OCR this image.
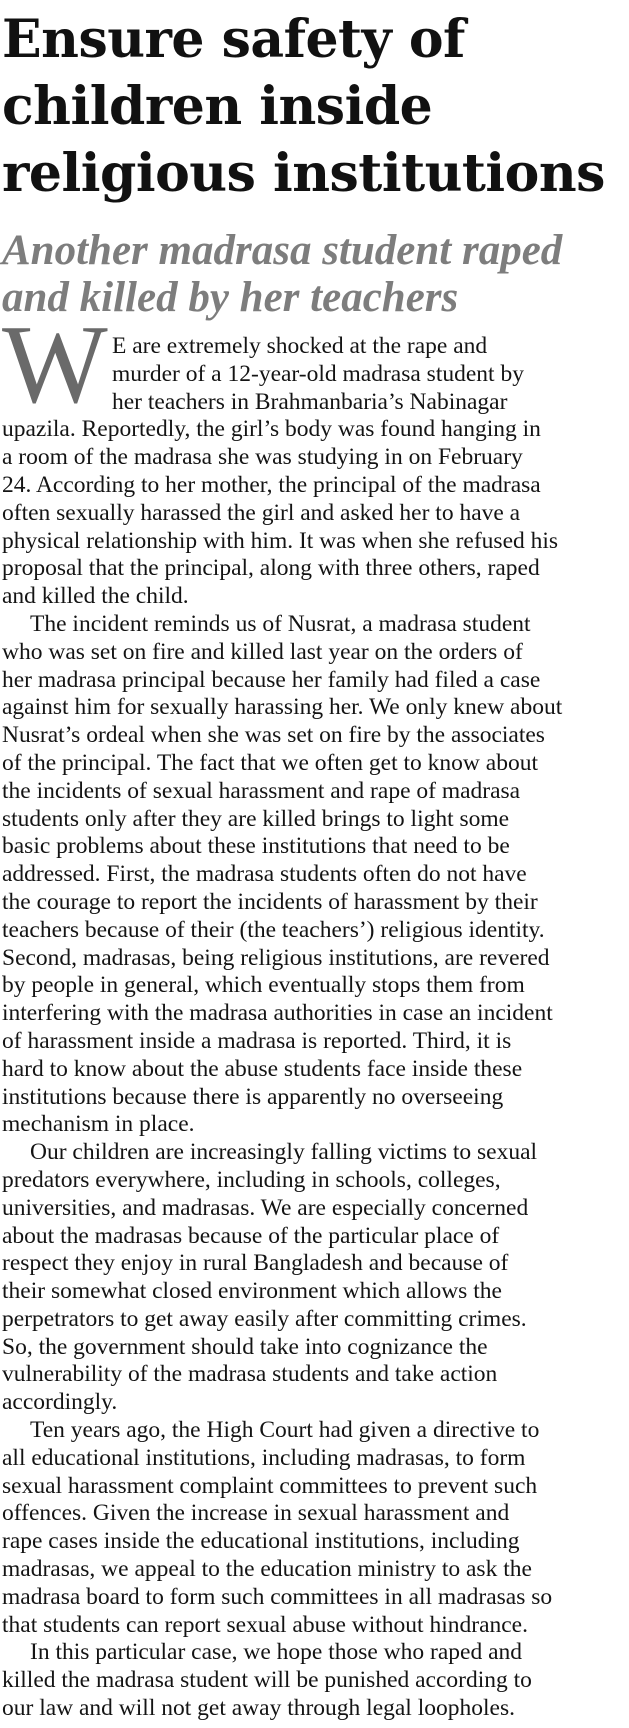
Ensure safety of
children inside
religious institutions
Another madrasa student raped
and killed by her teachers
W E are extremely shocked at the rape and
murder of a 12-year-old madrasa student by
her teachers in Brahmanbaria’s Nabinagar
upazila. Reportedly, the girl’s body was found hanging in
a room of the madrasa she was studying in on February
24. According to her mother, the principal of the madrasa
often sexually harassed the girl and asked her to have a
physical relationship with him. It was when she refused his
proposal that the principal, along with three others, raped
and killed the child.
The incident reminds us of Nusrat, a madrasa student
who was set on fire and killed last year on the orders of
her madrasa principal because her family had filed a case
against him for sexually harassing her. We only knew about
Nusrat’s ordeal when she was set on fire by the associates
of the principal. The fact that we often get to know about
the incidents of sexual harassment and rape of madrasa
students only after they are killed brings to light some
basic problems about these institutions that need to be
addressed. First, the madrasa students often do not have
the courage to report the incidents of harassment by their
teachers because of their (the teachers’) religious identity.
Second, madrasas, being religious institutions, are revered
by people in general, which eventually stops them from
interfering with the madrasa authorities in case an incident
of harassment inside a madrasa is reported. Third, it is
hard to know about the abuse students face inside these
institutions because there is apparently no overseeing
mechanism in place.
Our children are increasingly falling victims to sexual
predators everywhere, including in schools, colleges,
universities, and madrasas. We are especially concerned
about the madrasas because of the particular place of
respect they enjoy in rural Bangladesh and because of
their somewhat closed environment which allows the
perpetrators to get away easily after committing crimes.
So, the government should take into cognizance the
vulnerability of the madrasa students and take action
accordingly.
Ten years ago, the High Court had given a directive to
all educational institutions, including madrasas, to form
sexual harassment complaint committees to prevent such
offences. Given the increase in sexual harassment and
rape cases inside the educational institutions, including
madrasas, we appeal to the education ministry to ask the
madrasa board to form such committees in all madrasas so
that students can report sexual abuse without hindrance.
In this particular case, we hope those who raped and
killed the madrasa student will be punished according to
our law and will not get away through legal loopholes.
